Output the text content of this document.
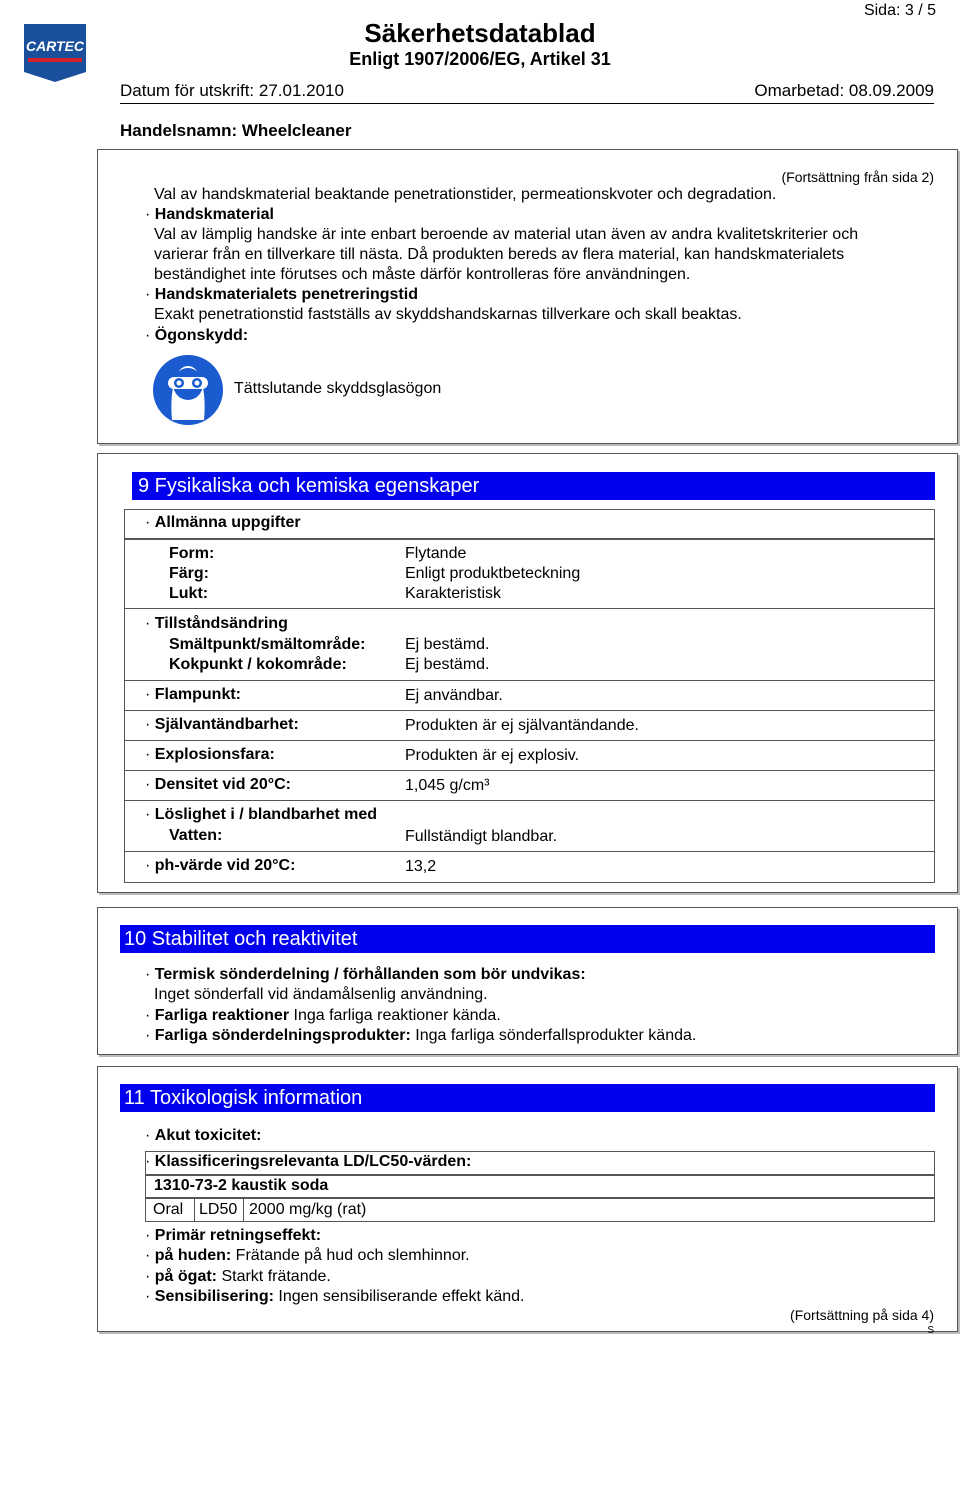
CARTEC
Sida: 3 / 5
Säkerhetsdatablad
Enligt 1907/2006/EG, Artikel 31
Datum för utskrift: 27.01.2010	Omarbetad: 08.09.2009
Handelsnamn: Wheelcleaner
(Fortsättning från sida 2)
Val av handskmaterial beaktande penetrationstider, permeationskvoter och degradation.
· Handskmaterial
Val av lämplig handske är inte enbart beroende av material utan även av andra kvalitetskriterier och
varierar från en tillverkare till nästa. Då produkten bereds av flera material, kan handskmaterialets
beständighet inte förutses och måste därför kontrolleras före användningen.
· Handskmaterialets penetreringstid
Exakt penetrationstid fastställs av skyddshandskarnas tillverkare och skall beaktas.
· Ögonskydd:
Tättslutande skyddsglasögon
9 Fysikaliska och kemiska egenskaper
· Allmänna uppgifter
Form:	Flytande
Färg:	Enligt produktbeteckning
Lukt:	Karakteristisk
· Tillståndsändring
Smältpunkt/smältområde: Ej bestämd.
Kokpunkt / kokområde:	Ej bestämd.
· Flampunkt:	Ej användbar.
· Självantändbarhet:	Produkten är ej självantändande.
· Explosionsfara:	Produkten är ej explosiv.
· Densitet vid 20°C:	1,045 g/cm³
· Löslighet i / blandbarhet med
Vatten:	Fullständigt blandbar.
· ph-värde vid 20°C:	13,2
10 Stabilitet och reaktivitet
· Termisk sönderdelning / förhållanden som bör undvikas:
Inget sönderfall vid ändamålsenlig användning.
· Farliga reaktioner Inga farliga reaktioner kända.
· Farliga sönderdelningsprodukter: Inga farliga sönderfallsprodukter kända.
11 Toxikologisk information
· Akut toxicitet:
· Klassificeringsrelevanta LD/LC50-värden:
1310-73-2 kaustik soda
Oral LD50 2000 mg/kg (rat)
· Primär retningseffekt:
· på huden: Frätande på hud och slemhinnor.
· på ögat: Starkt frätande.
· Sensibilisering: Ingen sensibiliserande effekt känd.
(Fortsättning på sida 4)
S
